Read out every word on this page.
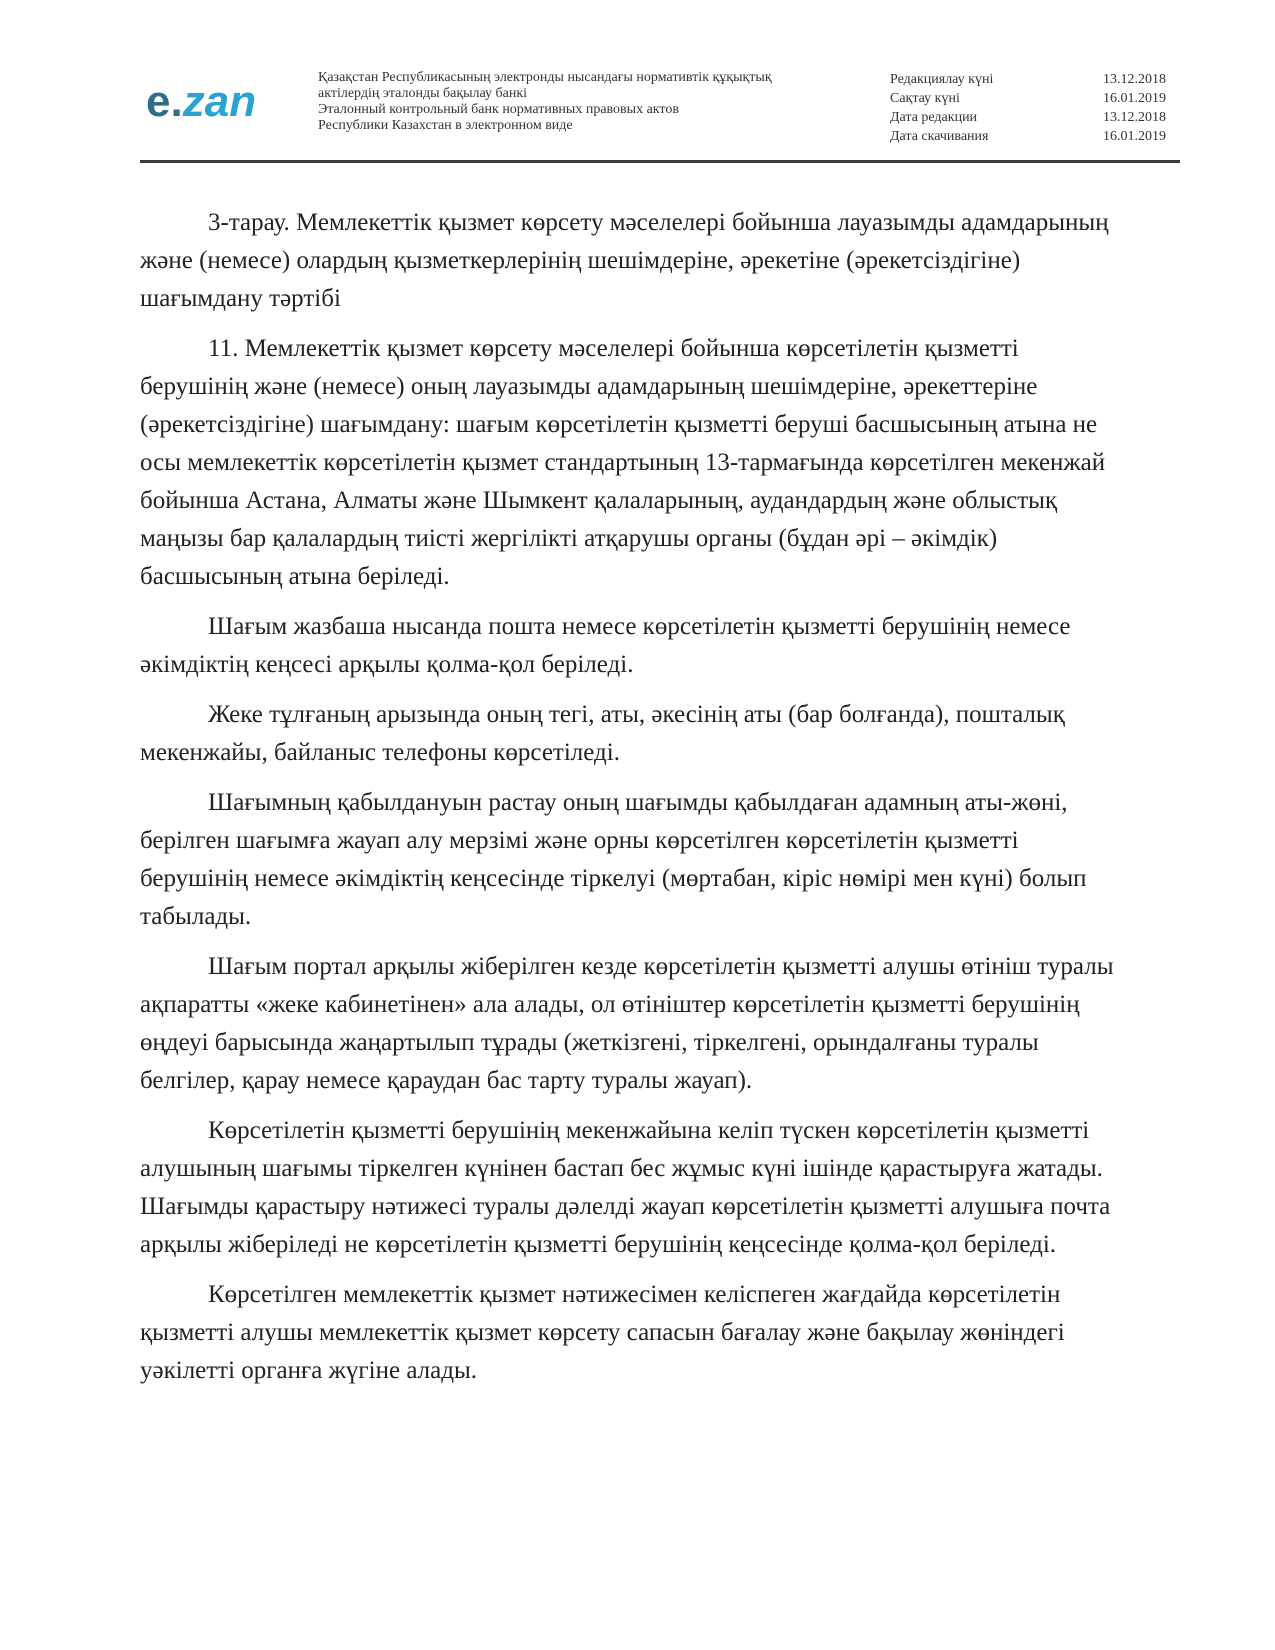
e.zan	Қазақстан Республикасының электронды нысандағы нормативтік құқықтық
актілердің эталонды бақылау банкі
Эталонный контрольный банк нормативных правовых актов
Республики Казахстан в электронном виде
Редакциялау күні	13.12.2018
Сақтау күні	16.01.2019
Дата редакции	13.12.2018
Дата скачивания	16.01.2019

3-тарау. Мемлекеттік қызмет көрсету мәселелері бойынша лауазымды адамдарының және (немесе) олардың қызметкерлерінің шешімдеріне, әрекетіне (әрекетсіздігіне) шағымдану тәртібі

11. Мемлекеттік қызмет көрсету мәселелері бойынша көрсетілетін қызметті берушінің және (немесе) оның лауазымды адамдарының шешімдеріне, әрекеттеріне (әрекетсіздігіне) шағымдану: шағым көрсетілетін қызметті беруші басшысының атына не осы мемлекеттік көрсетілетін қызмет стандартының 13-тармағында көрсетілген мекенжай бойынша Астана, Алматы және Шымкент қалаларының, аудандардың және облыстық маңызы бар қалалардың тиісті жергілікті атқарушы органы (бұдан әрі – әкімдік) басшысының атына беріледі.

Шағым жазбаша нысанда пошта немесе көрсетілетін қызметті берушінің немесе әкімдіктің кеңсесі арқылы қолма-қол беріледі.

Жеке тұлғаның арызында оның тегі, аты, әкесінің аты (бар болғанда), пошталық мекенжайы, байланыс телефоны көрсетіледі.

Шағымның қабылдануын растау оның шағымды қабылдаған адамның аты-жөні, берілген шағымға жауап алу мерзімі және орны көрсетілген көрсетілетін қызметті берушінің немесе әкімдіктің кеңсесінде тіркелуі (мөртабан, кіріс нөмірі мен күні) болып табылады.

Шағым портал арқылы жіберілген кезде көрсетілетін қызметті алушы өтініш туралы ақпаратты «жеке кабинетінен» ала алады, ол өтініштер көрсетілетін қызметті берушінің өңдеуі барысында жаңартылып тұрады (жеткізгені, тіркелгені, орындалғаны туралы белгілер, қарау немесе қараудан бас тарту туралы жауап).

Көрсетілетін қызметті берушінің мекенжайына келіп түскен көрсетілетін қызметті алушының шағымы тіркелген күнінен бастап бес жұмыс күні ішінде қарастыруға жатады. Шағымды қарастыру нәтижесі туралы дәлелді жауап көрсетілетін қызметті алушыға почта арқылы жіберіледі не көрсетілетін қызметті берушінің кеңсесінде қолма-қол беріледі.

Көрсетілген мемлекеттік қызмет нәтижесімен келіспеген жағдайда көрсетілетін қызметті алушы мемлекеттік қызмет көрсету сапасын бағалау және бақылау жөніндегі уәкілетті органға жүгіне алады.
